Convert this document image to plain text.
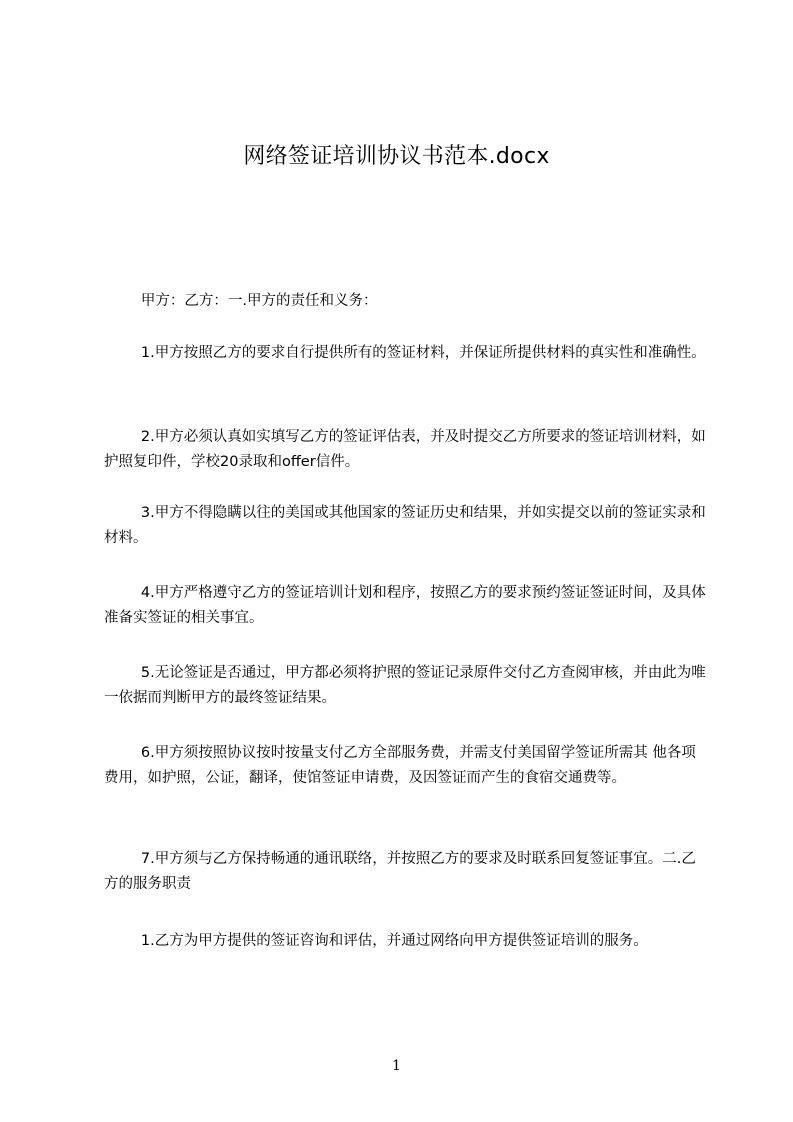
网络签证培训协议书范本.docx
甲方：乙方：一.甲方的责任和义务：
1.甲方按照乙方的要求自行提供所有的签证材料，并保证所提供材料的真实性和准确性。
2.甲方必须认真如实填写乙方的签证评估表，并及时提交乙方所要求的签证培训材料，如护照复印件，学校20录取和offer信件。
3.甲方不得隐瞒以往的美国或其他国家的签证历史和结果，并如实提交以前的签证实录和材料。
4.甲方严格遵守乙方的签证培训计划和程序，按照乙方的要求预约签证签证时间，及具体准备实签证的相关事宜。
5.无论签证是否通过，甲方都必须将护照的签证记录原件交付乙方查阅审核，并由此为唯一依据而判断甲方的最终签证结果。
6.甲方须按照协议按时按量支付乙方全部服务费，并需支付美国留学签证所需其 他各项费用，如护照，公证，翻译，使馆签证申请费，及因签证而产生的食宿交通费等。
7.甲方须与乙方保持畅通的通讯联络，并按照乙方的要求及时联系回复签证事宜。二.乙方的服务职责
1.乙方为甲方提供的签证咨询和评估，并通过网络向甲方提供签证培训的服务。
1
